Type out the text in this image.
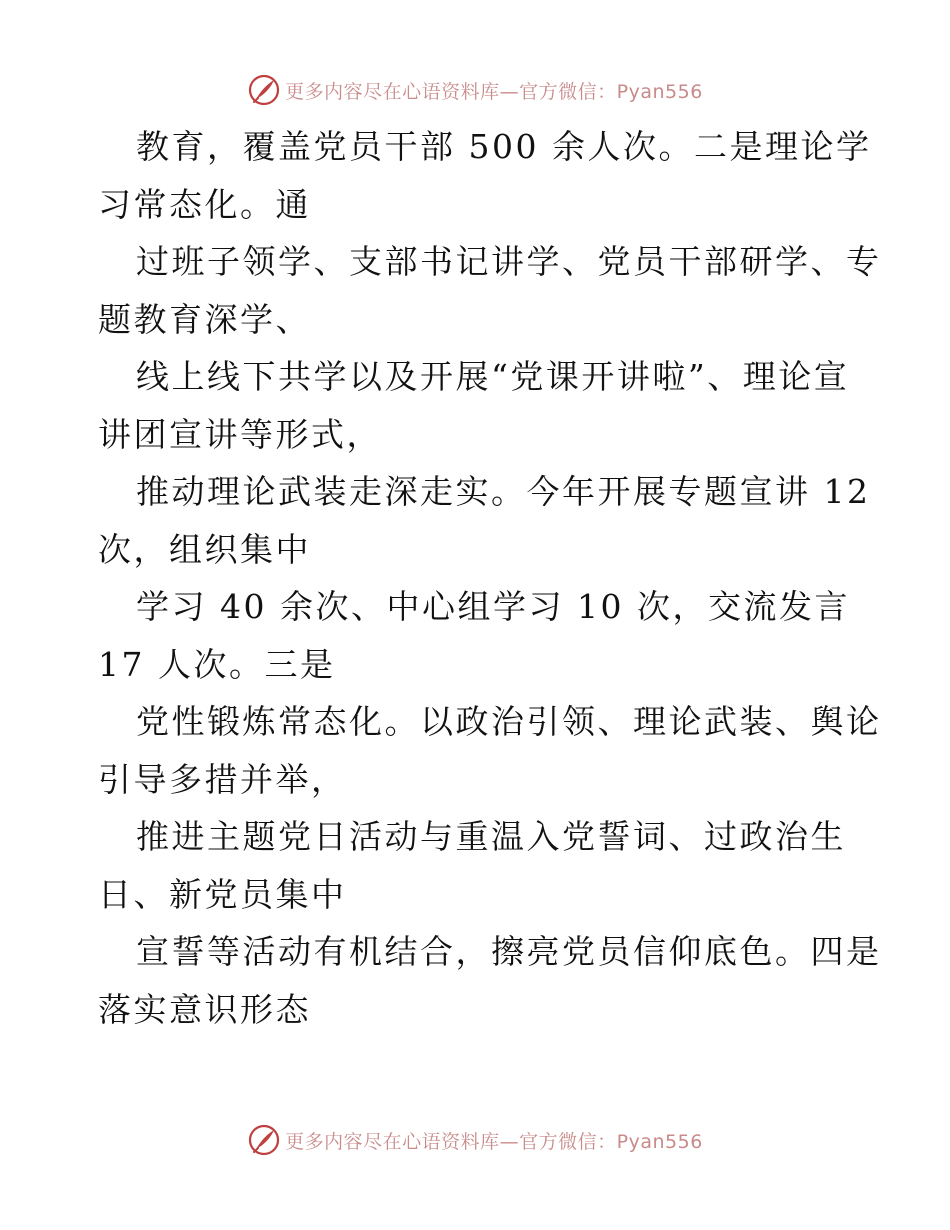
更多内容尽在心语资料库—官方微信：Pyan556
教育，覆盖党员干部 500 余人次。二是理论学
习常态化。通
过班子领学、支部书记讲学、党员干部研学、专
题教育深学、
线上线下共学以及开展“党课开讲啦”、理论宣
讲团宣讲等形式，
推动理论武装走深走实。今年开展专题宣讲 12
次，组织集中
学习 40 余次、中心组学习 10 次，交流发言
17 人次。三是
党性锻炼常态化。以政治引领、理论武装、舆论
引导多措并举，
推进主题党日活动与重温入党誓词、过政治生
日、新党员集中
宣誓等活动有机结合，擦亮党员信仰底色。四是
落实意识形态
更多内容尽在心语资料库—官方微信：Pyan556
